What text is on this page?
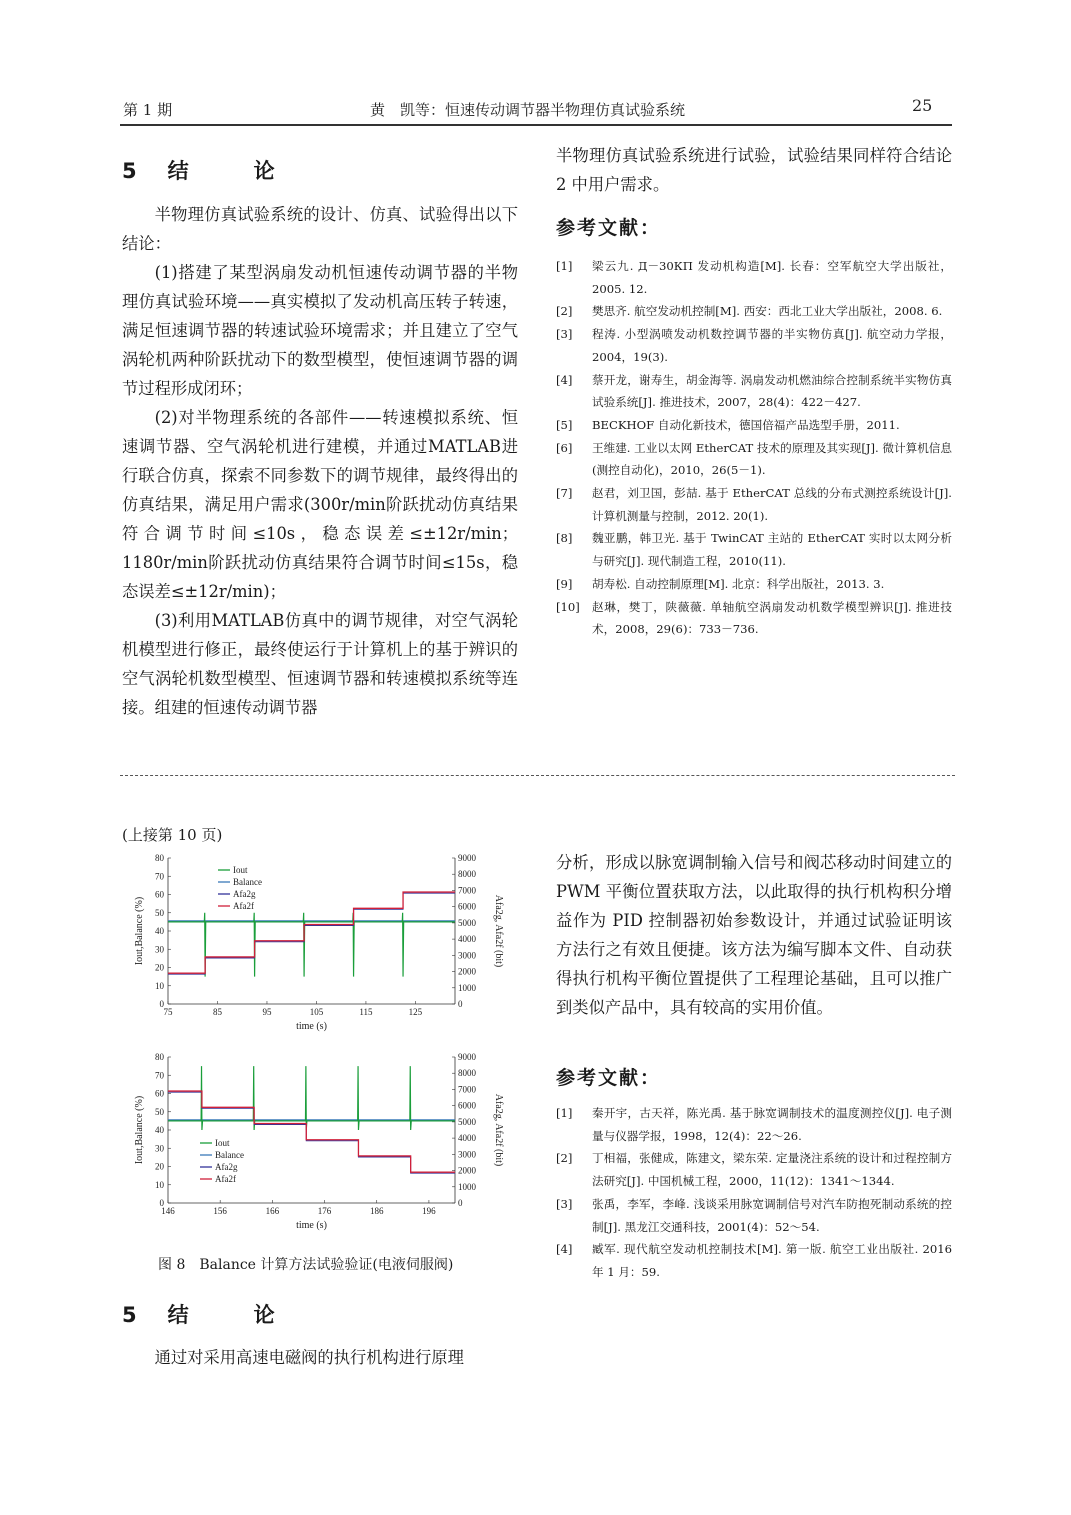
第 1 期	黄　凯等：恒速传动调节器半物理仿真试验系统	25
5 结　论

半物理仿真试验系统的设计、仿真、试验得出以下结论：

(1)搭建了某型涡扇发动机恒速传动调节器的半物理仿真试验环境——真实模拟了发动机高压转子转速，满足恒速调节器的转速试验环境需求；并且建立了空气涡轮机两种阶跃扰动下的数型模型，使恒速调节器的调节过程形成闭环；

(2)对半物理系统的各部件——转速模拟系统、恒速调节器、空气涡轮机进行建模，并通过MATLAB进行联合仿真，探索不同参数下的调节规律，最终得出的仿真结果，满足用户需求(300r/min阶跃扰动仿真结果符合调节时间≤10s，稳态误差≤±12r/min；1180r/min阶跃扰动仿真结果符合调节时间≤15s，稳态误差≤±12r/min)；

(3)利用MATLAB仿真中的调节规律，对空气涡轮机模型进行修正，最终使运行于计算机上的基于辨识的空气涡轮机数型模型、恒速调节器和转速模拟系统等连接。组建的恒速传动调节器

半物理仿真试验系统进行试验，试验结果同样符合结论 2 中用户需求。

参考文献：
[1]	梁云九. Д－30КП 发动机构造[M]. 长春：空军航空大学出版社，2005. 12.
[2]	樊思齐. 航空发动机控制[M]. 西安：西北工业大学出版社，2008. 6.
[3]	程涛. 小型涡喷发动机数控调节器的半实物仿真[J]. 航空动力学报，2004，19(3).
[4]	蔡开龙，谢寿生，胡金海等. 涡扇发动机燃油综合控制系统半实物仿真试验系统[J]. 推进技术，2007，28(4)：422－427.
[5]	BECKHOF 自动化新技术，德国倍福产品选型手册，2011.
[6]	王维建. 工业以太网 EtherCAT 技术的原理及其实现[J]. 微计算机信息(测控自动化)，2010，26(5－1).
[7]	赵君，刘卫国，彭喆. 基于 EtherCAT 总线的分布式测控系统设计[J]. 计算机测量与控制，2012. 20(1).
[8]	魏亚鹏，韩卫光. 基于 TwinCAT 主站的 EtherCAT 实时以太网分析与研究[J]. 现代制造工程，2010(11).
[9]	胡寿松. 自动控制原理[M]. 北京：科学出版社，2013. 3.
[10]	赵琳，樊丁，陕薇薇. 单轴航空涡扇发动机数学模型辨识[J]. 推进技术，2008，29(6)：733－736.
(上接第 10 页)
0
10
20
30
40
50
60
70
80
0
1000
2000
3000
4000
5000
6000
7000
8000
9000
75	85	95	105	115	125
time (s)
Iout,Balance (%)	Afa2g, Afa2f (bit)
Iout
Balance
Afa2g
Afa2f
0
10
20
30
40
50
60
70
80
0
1000
2000
3000
4000
5000
6000
7000
8000
9000
146	156	166	176	186	196
time (s)
Iout,Balance (%)	Afa2g, Afa2f (bit)
Iout
Balance
Afa2g
Afa2f
图 8　Balance 计算方法试验验证(电液伺服阀)
5 结　论

通过对采用高速电磁阀的执行机构进行原理

分析，形成以脉宽调制输入信号和阀芯移动时间建立的 PWM 平衡位置获取方法，以此取得的执行机构积分增益作为 PID 控制器初始参数设计，并通过试验证明该方法行之有效且便捷。该方法为编写脚本文件、自动获得执行机构平衡位置提供了工程理论基础，且可以推广到类似产品中，具有较高的实用价值。

参考文献：
[1]	秦开宇，古天祥，陈光禹. 基于脉宽调制技术的温度测控仪[J]. 电子测量与仪器学报，1998，12(4)：22～26.
[2]	丁相福，张健成，陈建文，梁东荣. 定量浇注系统的设计和过程控制方法研究[J]. 中国机械工程，2000，11(12)：1341～1344.
[3]	张禹，李军，李峰. 浅谈采用脉宽调制信号对汽车防抱死制动系统的控制[J]. 黑龙江交通科技，2001(4)：52～54.
[4]	臧军. 现代航空发动机控制技术[M]. 第一版. 航空工业出版社. 2016 年 1 月：59.
